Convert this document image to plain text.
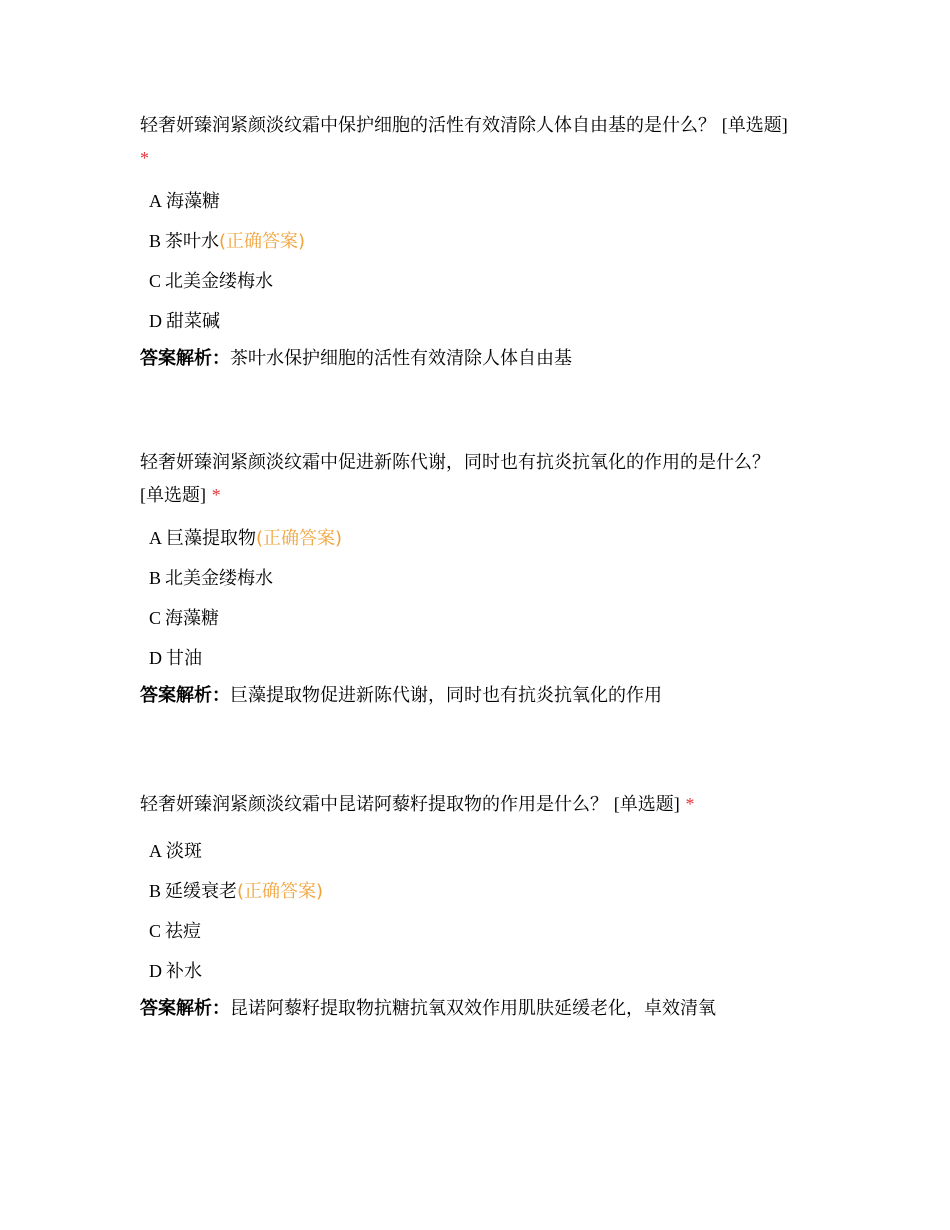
轻奢妍臻润紧颜淡纹霜中保护细胞的活性有效清除人体自由基的是什么？ [单选题]
*

A 海藻糖
B 茶叶水(正确答案)
C 北美金缕梅水
D 甜菜碱
答案解析：茶叶水保护细胞的活性有效清除人体自由基

轻奢妍臻润紧颜淡纹霜中促进新陈代谢，同时也有抗炎抗氧化的作用的是什么？
[单选题] *

A 巨藻提取物(正确答案)
B 北美金缕梅水
C 海藻糖
D 甘油
答案解析：巨藻提取物促进新陈代谢，同时也有抗炎抗氧化的作用

轻奢妍臻润紧颜淡纹霜中昆诺阿藜籽提取物的作用是什么？ [单选题] *

A 淡斑
B 延缓衰老(正确答案)
C 祛痘
D 补水
答案解析：昆诺阿藜籽提取物抗糖抗氧双效作用肌肤延缓老化，卓效清氧
